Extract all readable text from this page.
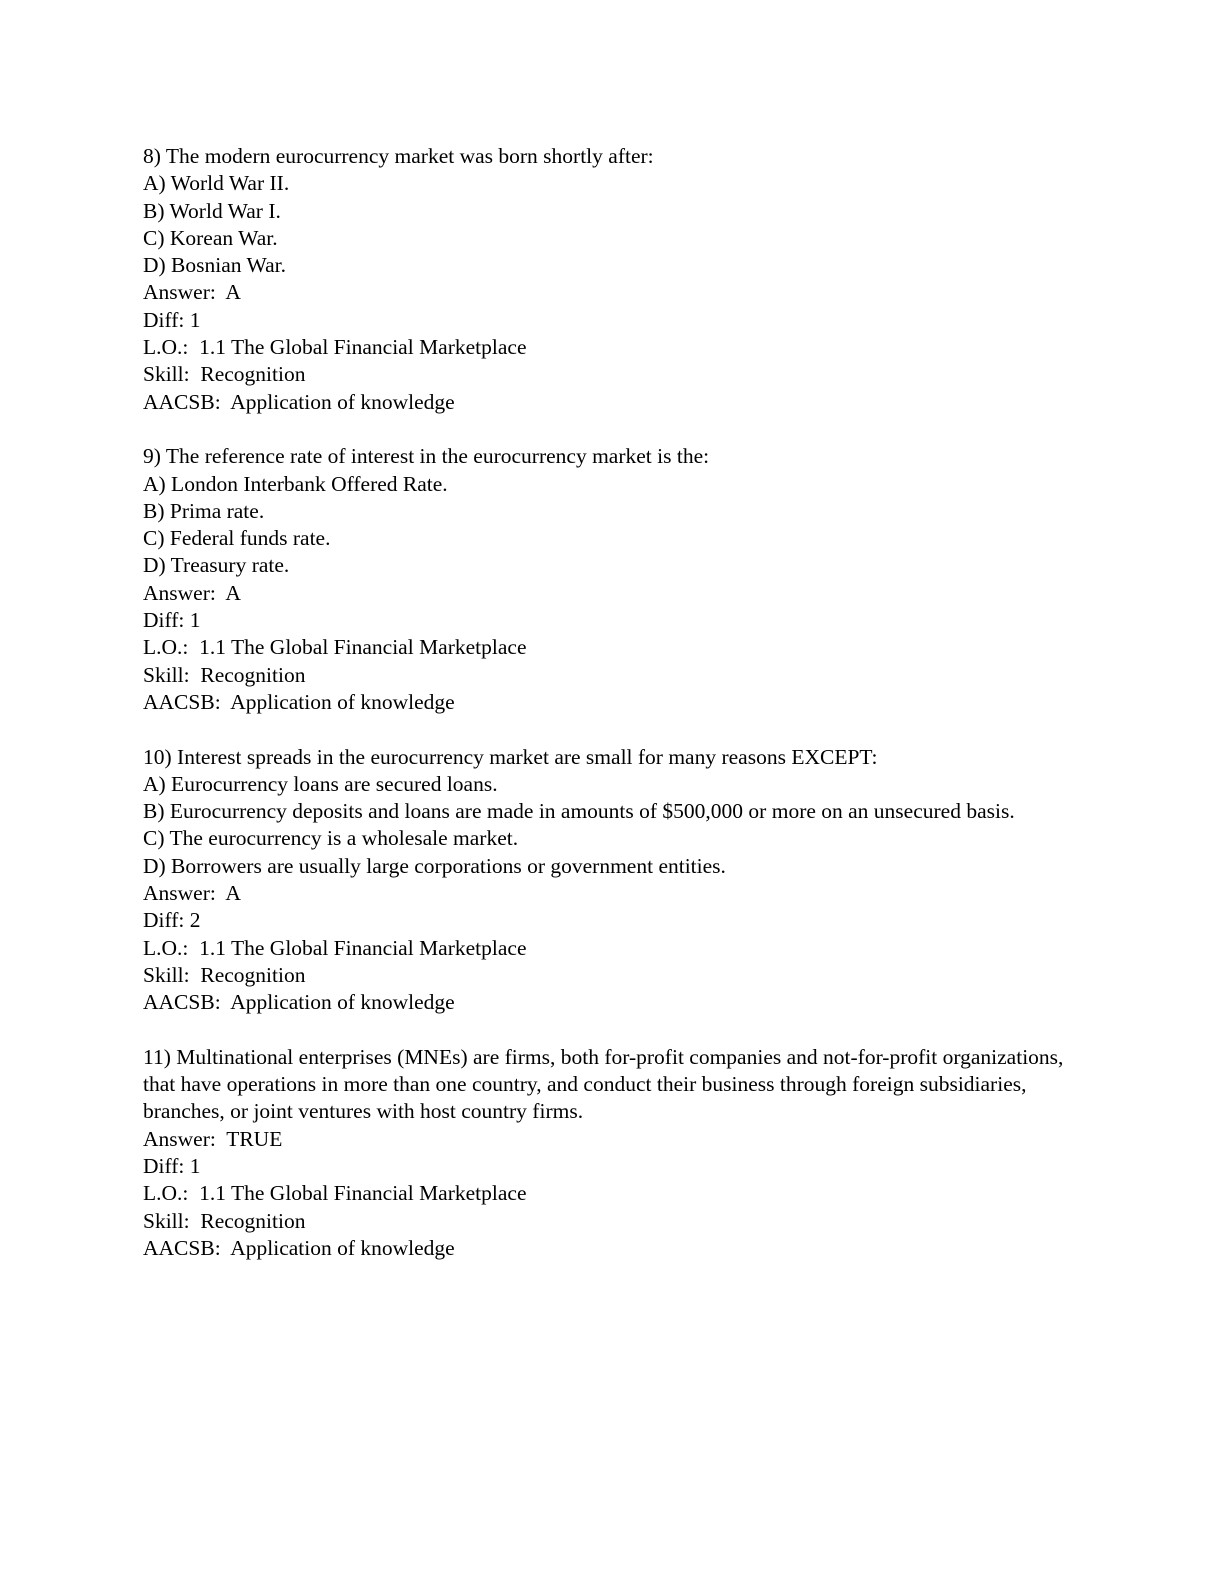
8) The modern eurocurrency market was born shortly after:
A) World War II.
B) World War I.
C) Korean War.
D) Bosnian War.
Answer:  A
Diff: 1
L.O.:  1.1 The Global Financial Marketplace
Skill:  Recognition
AACSB:  Application of knowledge
9) The reference rate of interest in the eurocurrency market is the:
A) London Interbank Offered Rate.
B) Prima rate.
C) Federal funds rate.
D) Treasury rate.
Answer:  A
Diff: 1
L.O.:  1.1 The Global Financial Marketplace
Skill:  Recognition
AACSB:  Application of knowledge
10) Interest spreads in the eurocurrency market are small for many reasons EXCEPT:
A) Eurocurrency loans are secured loans.
B) Eurocurrency deposits and loans are made in amounts of $500,000 or more on an unsecured basis.
C) The eurocurrency is a wholesale market.
D) Borrowers are usually large corporations or government entities.
Answer:  A
Diff: 2
L.O.:  1.1 The Global Financial Marketplace
Skill:  Recognition
AACSB:  Application of knowledge
11) Multinational enterprises (MNEs) are firms, both for-profit companies and not-for-profit organizations, that have operations in more than one country, and conduct their business through foreign subsidiaries, branches, or joint ventures with host country firms.
Answer:  TRUE
Diff: 1
L.O.:  1.1 The Global Financial Marketplace
Skill:  Recognition
AACSB:  Application of knowledge
